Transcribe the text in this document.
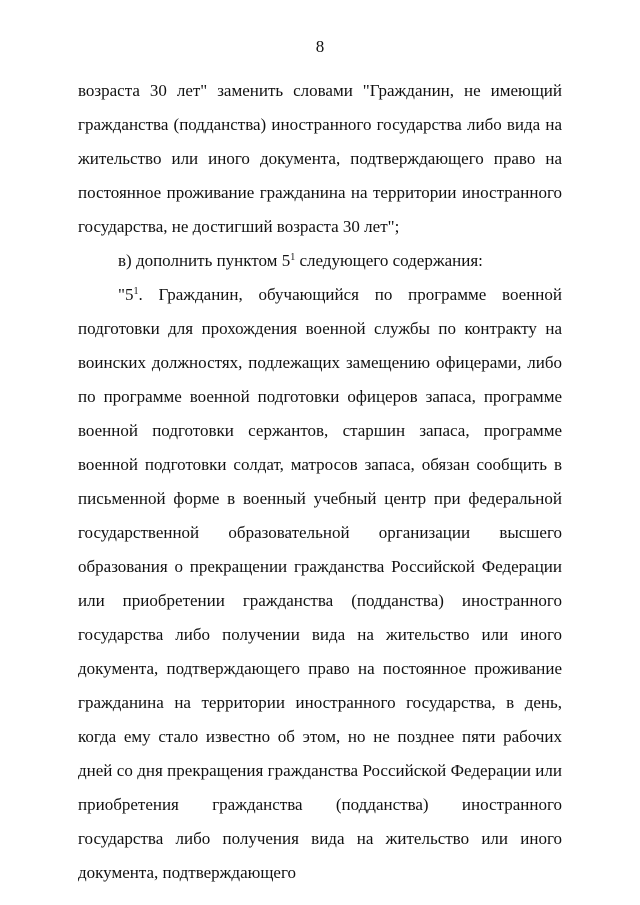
8

возраста 30 лет" заменить словами "Гражданин, не имеющий гражданства (подданства) иностранного государства либо вида на жительство или иного документа, подтверждающего право на постоянное проживание гражданина на территории иностранного государства, не достигший возраста 30 лет";

в) дополнить пунктом $5^1$ следующего содержания:

"$5^1$. Гражданин, обучающийся по программе военной подготовки для прохождения военной службы по контракту на воинских должностях, подлежащих замещению офицерами, либо по программе военной подготовки офицеров запаса, программе военной подготовки сержантов, старшин запаса, программе военной подготовки солдат, матросов запаса, обязан сообщить в письменной форме в военный учебный центр при федеральной государственной образовательной организации высшего образования о прекращении гражданства Российской Федерации или приобретении гражданства (подданства) иностранного государства либо получении вида на жительство или иного документа, подтверждающего право на постоянное проживание гражданина на территории иностранного государства, в день, когда ему стало известно об этом, но не позднее пяти рабочих дней со дня прекращения гражданства Российской Федерации или приобретения гражданства (подданства) иностранного государства либо получения вида на жительство или иного документа, подтверждающего
